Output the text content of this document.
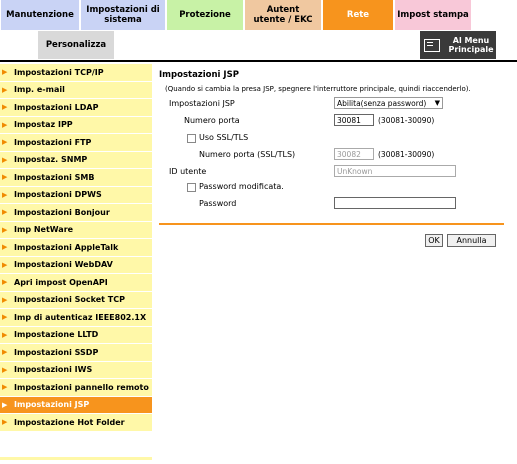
Manutenzione	Impostazioni di sistema	Protezione	Autent utente / EKC	Rete	Impost stampa
Personalizza	Al Menu Principale
▶ Impostazioni TCP/IP
▶ Imp. e-mail
▶ Impostazioni LDAP
▶ Impostaz IPP
▶ Impostazioni FTP
▶ Impostaz. SNMP
▶ Impostazioni SMB
▶ Impostazioni DPWS
▶ Impostazioni Bonjour
▶ Imp NetWare
▶ Impostazioni AppleTalk
▶ Impostazioni WebDAV
▶ Apri impost OpenAPI
▶ Impostazioni Socket TCP
▶ Imp di autenticaz IEEE802.1X
▶ Impostazione LLTD
▶ Impostazioni SSDP
▶ Impostazioni IWS
▶ Impostazioni pannello remoto
▶ Impostazioni JSP
▶ Impostazione Hot Folder
Impostazioni JSP
(Quando si cambia la presa JSP, spegnere l'interruttore principale, quindi riaccenderlo).
Impostazioni JSP	Abilita(senza password) ▼
Numero porta	30081	(30081-30090)
Uso SSL/TLS
Numero porta (SSL/TLS)	30082	(30081-30090)
ID utente	UnKnown
Password modificata.
Password
OK	Annulla
